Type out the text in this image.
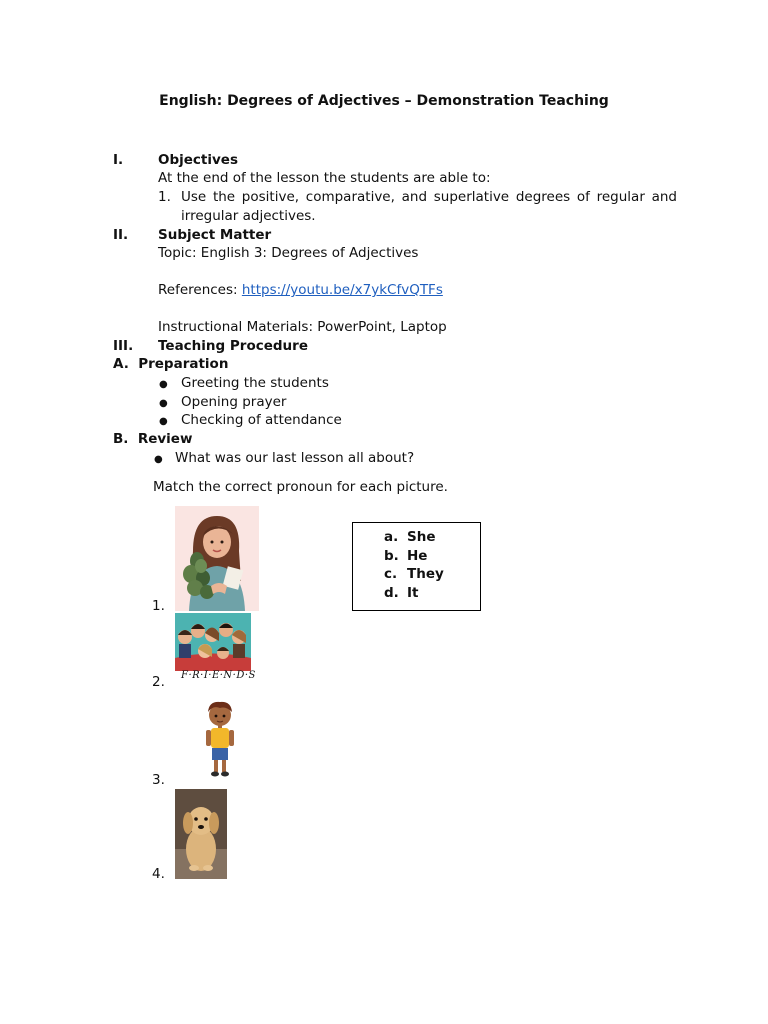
English: Degrees of Adjectives – Demonstration Teaching
I.	Objectives
At the end of the lesson the students are able to:
1. Use the positive, comparative, and superlative degrees of regular and irregular adjectives.
II. Subject Matter
Topic: English 3: Degrees of Adjectives
References: https://youtu.be/x7ykCfvQTFs
Instructional Materials: PowerPoint, Laptop
III. Teaching Procedure
A.  Preparation
● Greeting the students
● Opening prayer
● Checking of attendance
B.  Review
● What was our last lesson all about?
Match the correct pronoun for each picture.
1.
2. F·R·I·E·N·D·S
3.
4.
a. She
b. He
c. They
d. It
